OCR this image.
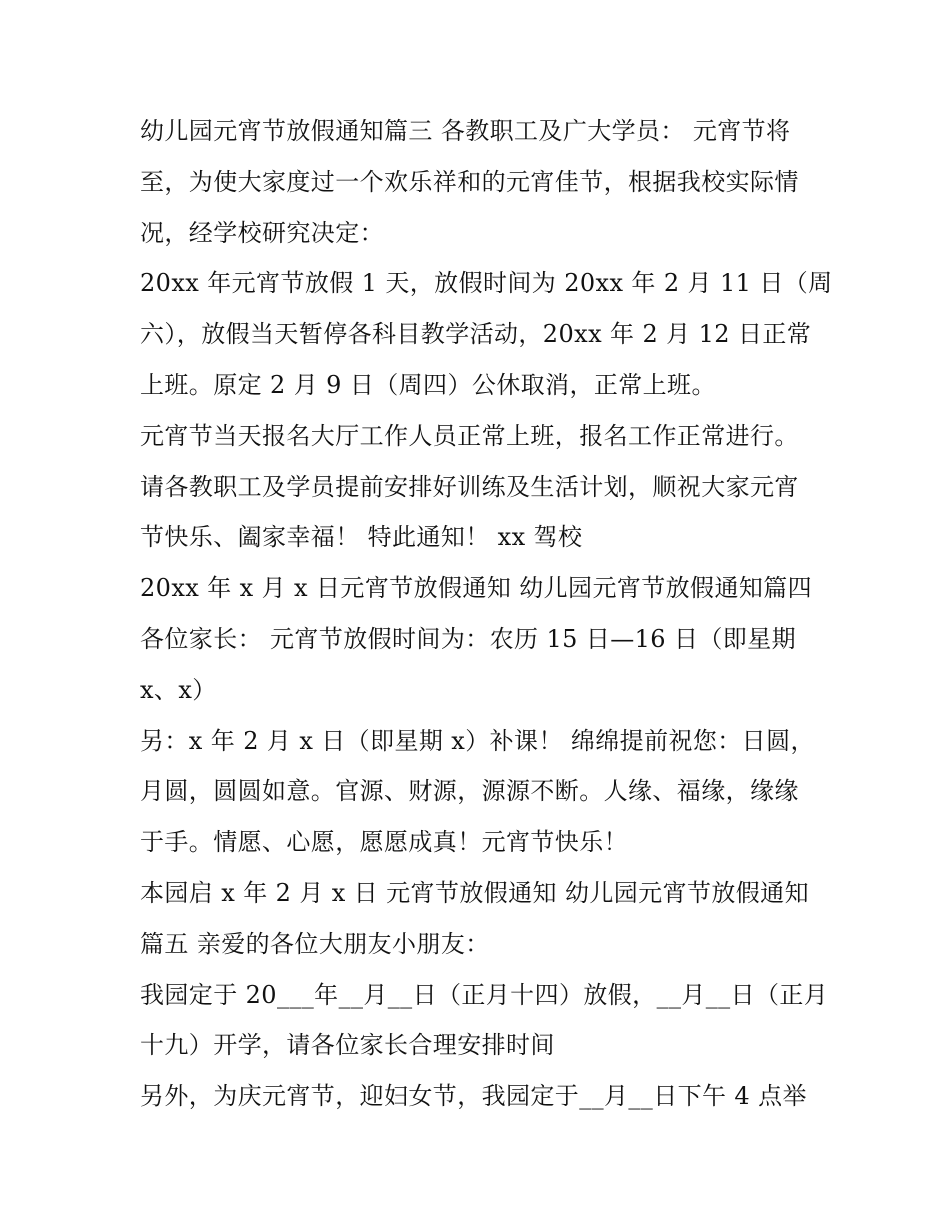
幼儿园元宵节放假通知篇三 各教职工及广大学员： 元宵节将
至，为使大家度过一个欢乐祥和的元宵佳节，根据我校实际情
况，经学校研究决定：
20xx 年元宵节放假 1 天，放假时间为 20xx 年 2 月 11 日（周
六），放假当天暂停各科目教学活动，20xx 年 2 月 12 日正常
上班。原定 2 月 9 日（周四）公休取消，正常上班。
元宵节当天报名大厅工作人员正常上班，报名工作正常进行。
请各教职工及学员提前安排好训练及生活计划，顺祝大家元宵
节快乐、阖家幸福！ 特此通知！ xx 驾校
20xx 年 x 月 x 日元宵节放假通知 幼儿园元宵节放假通知篇四
各位家长： 元宵节放假时间为：农历 15 日—16 日（即星期
x、x）
另：x 年 2 月 x 日（即星期 x）补课！ 绵绵提前祝您：日圆，
月圆，圆圆如意。官源、财源，源源不断。人缘、福缘，缘缘
于手。情愿、心愿，愿愿成真！元宵节快乐！
本园启 x 年 2 月 x 日 元宵节放假通知 幼儿园元宵节放假通知
篇五 亲爱的各位大朋友小朋友：
我园定于 20___年__月__日（正月十四）放假，__月__日（正月
十九）开学，请各位家长合理安排时间
另外，为庆元宵节，迎妇女节，我园定于__月__日下午 4 点举
